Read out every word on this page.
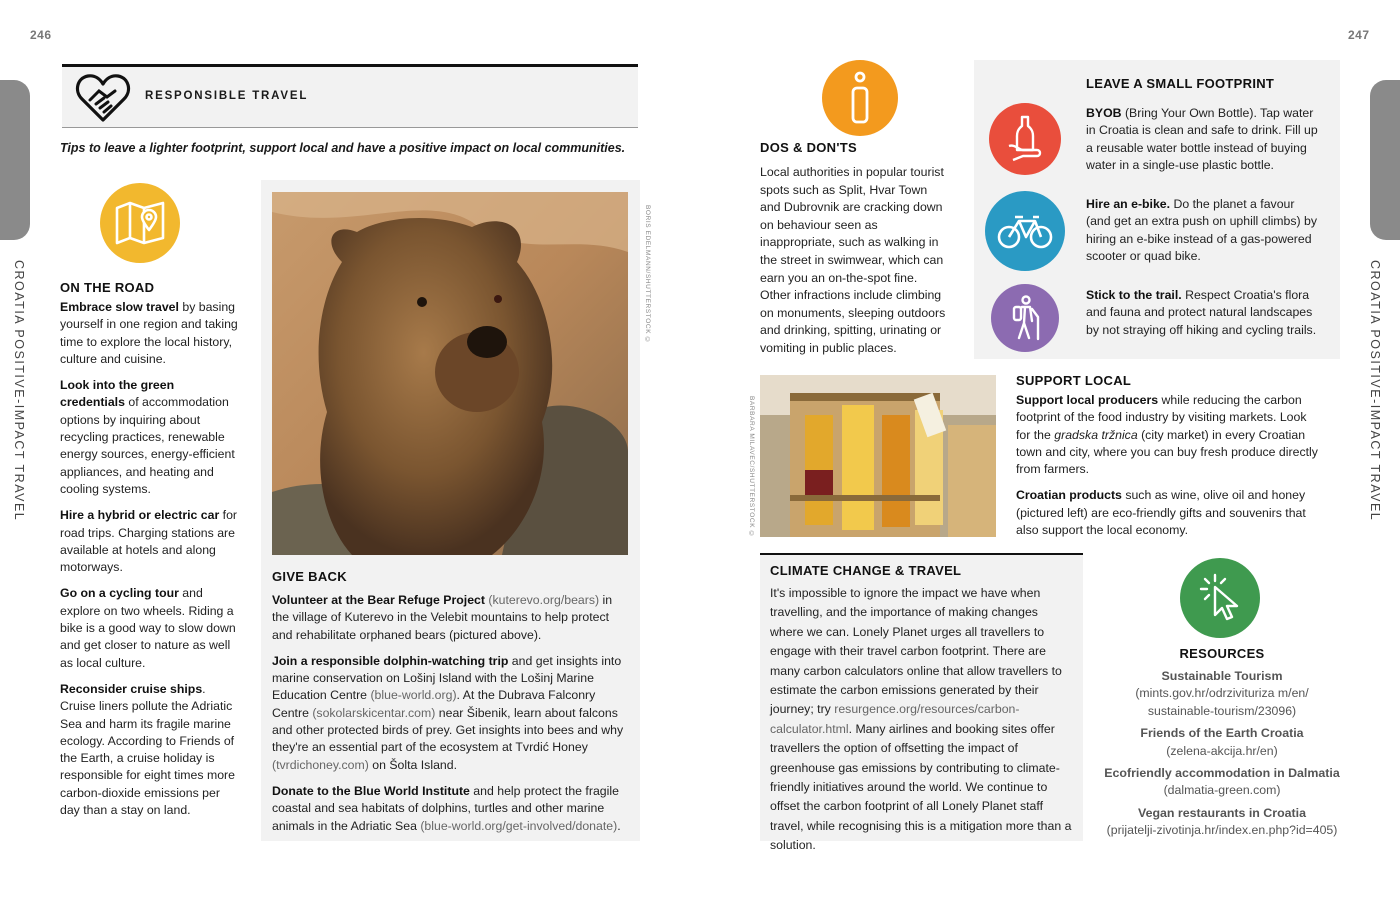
246	247
CROATIA POSITIVE-IMPACT TRAVEL	CROATIA POSITIVE-IMPACT TRAVEL
RESPONSIBLE TRAVEL
Tips to leave a lighter footprint, support local and have a positive impact on local communities.
ON THE ROAD

Embrace slow travel by basing yourself in one region and taking time to explore the local history, culture and cuisine.

Look into the green credentials of accommodation options by inquiring about recycling practices, renewable energy sources, energy-efficient appliances, and heating and cooling systems.

Hire a hybrid or electric car for road trips. Charging stations are available at hotels and along motorways.

Go on a cycling tour and explore on two wheels. Riding a bike is a good way to slow down and get closer to nature as well as local culture.

Reconsider cruise ships. Cruise liners pollute the Adriatic Sea and harm its fragile marine ecology. According to Friends of the Earth, a cruise holiday is responsible for eight times more carbon-dioxide emissions per day than a stay on land.

BORIS EDELMANN/SHUTTERSTOCK ©
GIVE BACK

Volunteer at the Bear Refuge Project (kuterevo.org/bears) in the village of Kuterevo in the Velebit mountains to help protect and rehabilitate orphaned bears (pictured above).

Join a responsible dolphin-watching trip and get insights into marine conservation on Lošinj Island with the Lošinj Marine Education Centre (blue-world.org). At the Dubrava Falconry Centre (sokolarskicentar.com) near Šibenik, learn about falcons and other protected birds of prey. Get insights into bees and why they're an essential part of the ecosystem at Tvrdić Honey (tvrdichoney.com) on Šolta Island.

Donate to the Blue World Institute and help protect the fragile coastal and sea habitats of dolphins, turtles and other marine animals in the Adriatic Sea (blue-world.org/get-involved/donate).

DOS & DON'TS
Local authorities in popular tourist spots such as Split, Hvar Town and Dubrovnik are cracking down on behaviour seen as inappropriate, such as walking in the street in swimwear, which can earn you an on-the-spot fine. Other infractions include climbing on monuments, sleeping outdoors and drinking, spitting, urinating or vomiting in public places.
LEAVE A SMALL FOOTPRINT
BYOB (Bring Your Own Bottle). Tap water in Croatia is clean and safe to drink. Fill up a reusable water bottle instead of buying water in a single-use plastic bottle.
Hire an e-bike. Do the planet a favour (and get an extra push on uphill climbs) by hiring an e-bike instead of a gas-powered scooter or quad bike.
Stick to the trail. Respect Croatia's flora and fauna and protect natural landscapes by not straying off hiking and cycling trails.
BARBARA MILAVEC/SHUTTERSTOCK ©
SUPPORT LOCAL

Support local producers while reducing the carbon footprint of the food industry by visiting markets. Look for the gradska tržnica (city market) in every Croatian town and city, where you can buy fresh produce directly from farmers.

Croatian products such as wine, olive oil and honey (pictured left) are eco-friendly gifts and souvenirs that also support the local economy.

CLIMATE CHANGE & TRAVEL
It's impossible to ignore the impact we have when travelling, and the importance of making changes where we can. Lonely Planet urges all travellers to engage with their travel carbon footprint. There are many carbon calculators online that allow travellers to estimate the carbon emissions generated by their journey; try resurgence.org/resources/carbon-calculator.html. Many airlines and booking sites offer travellers the option of offsetting the impact of greenhouse gas emissions by contributing to climate-friendly initiatives around the world. We continue to offset the carbon footprint of all Lonely Planet staff travel, while recognising this is a mitigation more than a solution.
RESOURCES
Sustainable Tourism
(mints.gov.hr/odrzivituriza m/en/ sustainable-tourism/23096)
Friends of the Earth Croatia
(zelena-akcija.hr/en)
Ecofriendly accommodation in Dalmatia
(dalmatia-green.com)
Vegan restaurants in Croatia
(prijatelji-zivotinja.hr/index.en.php?id=405)
